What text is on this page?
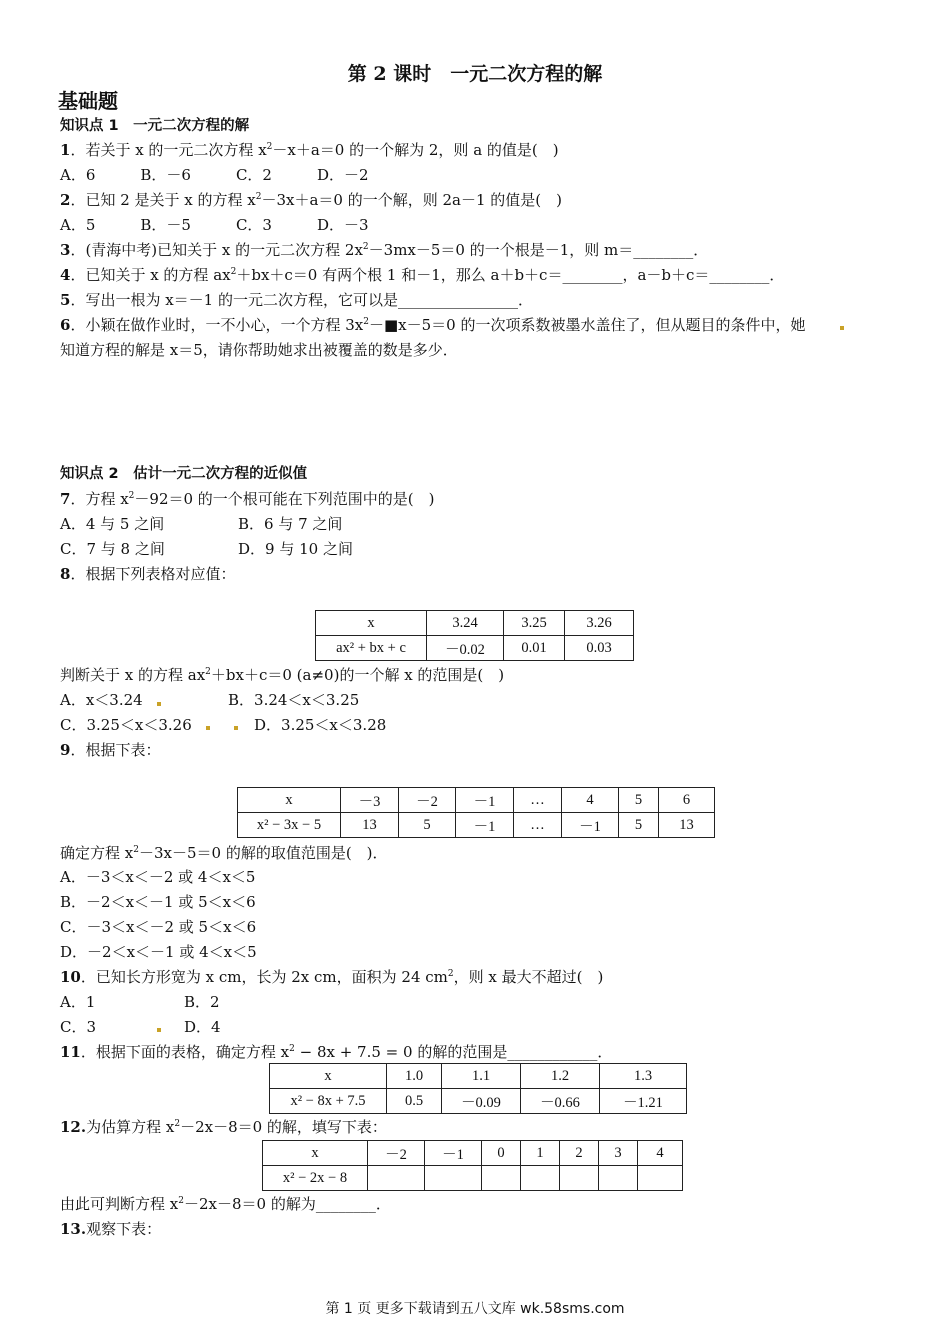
第 2 课时　一元二次方程的解
基础题
知识点 1　一元二次方程的解
1．若关于 x 的一元二次方程 $x^2-x+a=0$ 的一个解为 2，则 a 的值是(　)
A．6　　　B．－6　　　C．2　　　D．－2
2．已知 2 是关于 x 的方程 $x^2-3x+a=0$ 的一个解，则 2a－1 的值是(　)
A．5　　　B．－5　　　C．3　　　D．－3
3．(青海中考)已知关于 x 的一元二次方程 $2x^2-3mx-5=0$ 的一个根是－1，则 m＝________．
4．已知关于 x 的方程 $ax^2+bx+c=0$ 有两个根 1 和－1，那么 a＋b＋c＝________，a－b＋c＝________．
5．写出一根为 x＝－1 的一元二次方程，它可以是________________．
6．小颖在做作业时，一不小心，一个方程 $3x^2-■x-5=0$ 的一次项系数被墨水盖住了，但从题目的条件中，她
知道方程的解是 x＝5，请你帮助她求出被覆盖的数是多少．
知识点 2　估计一元二次方程的近似值
7．方程 $x^2-92=0$ 的一个根可能在下列范围中的是(　)
A．4 与 5 之间	B．6 与 7 之间
C．7 与 8 之间	D．9 与 10 之间
8．根据下列表格对应值：
x	3.24	3.25	3.26
ax² + bx + c	－0.02	0.01	0.03
判断关于 x 的方程 $ax^2+bx+c=0$ (a≠0)的一个解 x 的范围是(　)
A．x＜3.24	B．3.24＜x＜3.25
C．3.25＜x＜3.26	D．3.25＜x＜3.28
9．根据下表：
x	－3	－2	－1	…	4	5	6
x² − 3x − 5	13	5	－1	…	－1	5	13
确定方程 $x^2-3x-5=0$ 的解的取值范围是(　)．
A．－3＜x＜－2 或 4＜x＜5
B．－2＜x＜－1 或 5＜x＜6
C．－3＜x＜－2 或 5＜x＜6
D．－2＜x＜－1 或 4＜x＜5
10．已知长方形宽为 x cm，长为 2x cm，面积为 24 $cm^2$，则 x 最大不超过(　)
A．1	B．2
C．3	D．4
11．根据下面的表格，确定方程 $x^2 - 8x + 7.5 = 0$ 的解的范围是____________．
x	1.0	1.1	1.2	1.3
x² − 8x + 7.5	0.5	－0.09	－0.66	－1.21
12.为估算方程 $x^2-2x-8=0$ 的解，填写下表：
x	－2	－1	0	1	2	3	4
x² − 2x − 8							
由此可判断方程 $x^2-2x-8=0$ 的解为________．
13.观察下表：
第 1 页 更多下载请到五八文库 wk.58sms.com
